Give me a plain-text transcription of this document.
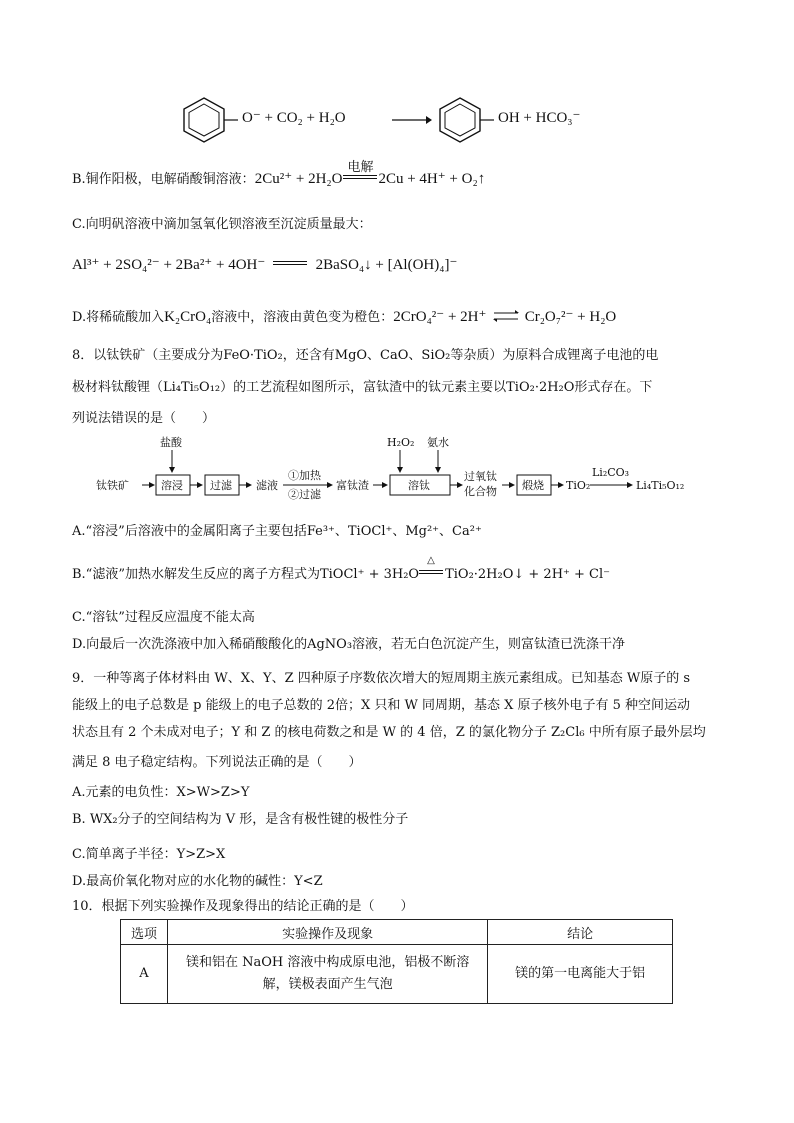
O⁻ + CO₂ + H₂O	OH + HCO₃⁻
B.铜作阳极，电解硝酸铜溶液：2Cu²⁺ + 2H₂O
电解
2Cu + 4H⁺ + O₂↑
C.向明矾溶液中滴加氢氧化钡溶液至沉淀质量最大：
Al³⁺ + 2SO₄²⁻ + 2Ba²⁺ + 4OH⁻	2BaSO₄↓ + [Al(OH)₄]⁻
D.将稀硫酸加入K₂CrO₄溶液中，溶液由黄色变为橙色：2CrO₄²⁻ + 2H⁺ ⇌ Cr₂O₇²⁻ + H₂O
8．以钛铁矿（主要成分为FeO·TiO₂，还含有MgO、CaO、SiO₂等杂质）为原料合成锂离子电池的电
极材料钛酸锂（Li₄Ti₅O₁₂）的工艺流程如图所示，富钛渣中的钛元素主要以TiO₂·2H₂O形式存在。下
列说法错误的是（　　）
钛铁矿
盐酸
溶浸 过滤 滤液
①加热
②过滤
富钛渣
H₂O₂ 氨水
溶钛
过氧钛
化合物 煅烧 TiO₂
Li₂CO₃
Li₄Ti₅O₁₂
A.“溶浸”后溶液中的金属阳离子主要包括Fe³⁺、TiOCl⁺、Mg²⁺、Ca²⁺
B.“滤液”加热水解发生反应的离子方程式为TiOCl⁺ + 3H₂O
△
TiO₂·2H₂O↓ + 2H⁺ + Cl⁻
C.“溶钛”过程反应温度不能太高
D.向最后一次洗涤液中加入稀硝酸酸化的AgNO₃溶液，若无白色沉淀产生，则富钛渣已洗涤干净
9．一种等离子体材料由 W、X、Y、Z 四种原子序数依次增大的短周期主族元素组成。已知基态 W原子的 s
能级上的电子总数是 p 能级上的电子总数的 2倍；X 只和 W 同周期，基态 X 原子核外电子有 5 种空间运动
状态且有 2 个未成对电子；Y 和 Z 的核电荷数之和是 W 的 4 倍，Z 的氯化物分子 Z₂Cl₆ 中所有原子最外层均
满足 8 电子稳定结构。下列说法正确的是（　　）
A.元素的电负性：X>W>Z>Y
B. WX₂分子的空间结构为 V 形，是含有极性键的极性分子
C.简单离子半径：Y>Z>X
D.最高价氧化物对应的水化物的碱性：Y<Z
10．根据下列实验操作及现象得出的结论正确的是（　　）
选项	实验操作及现象	结论
A	镁和铝在 NaOH 溶液中构成原电池，铝极不断溶
解，镁极表面产生气泡	镁的第一电离能大于铝
